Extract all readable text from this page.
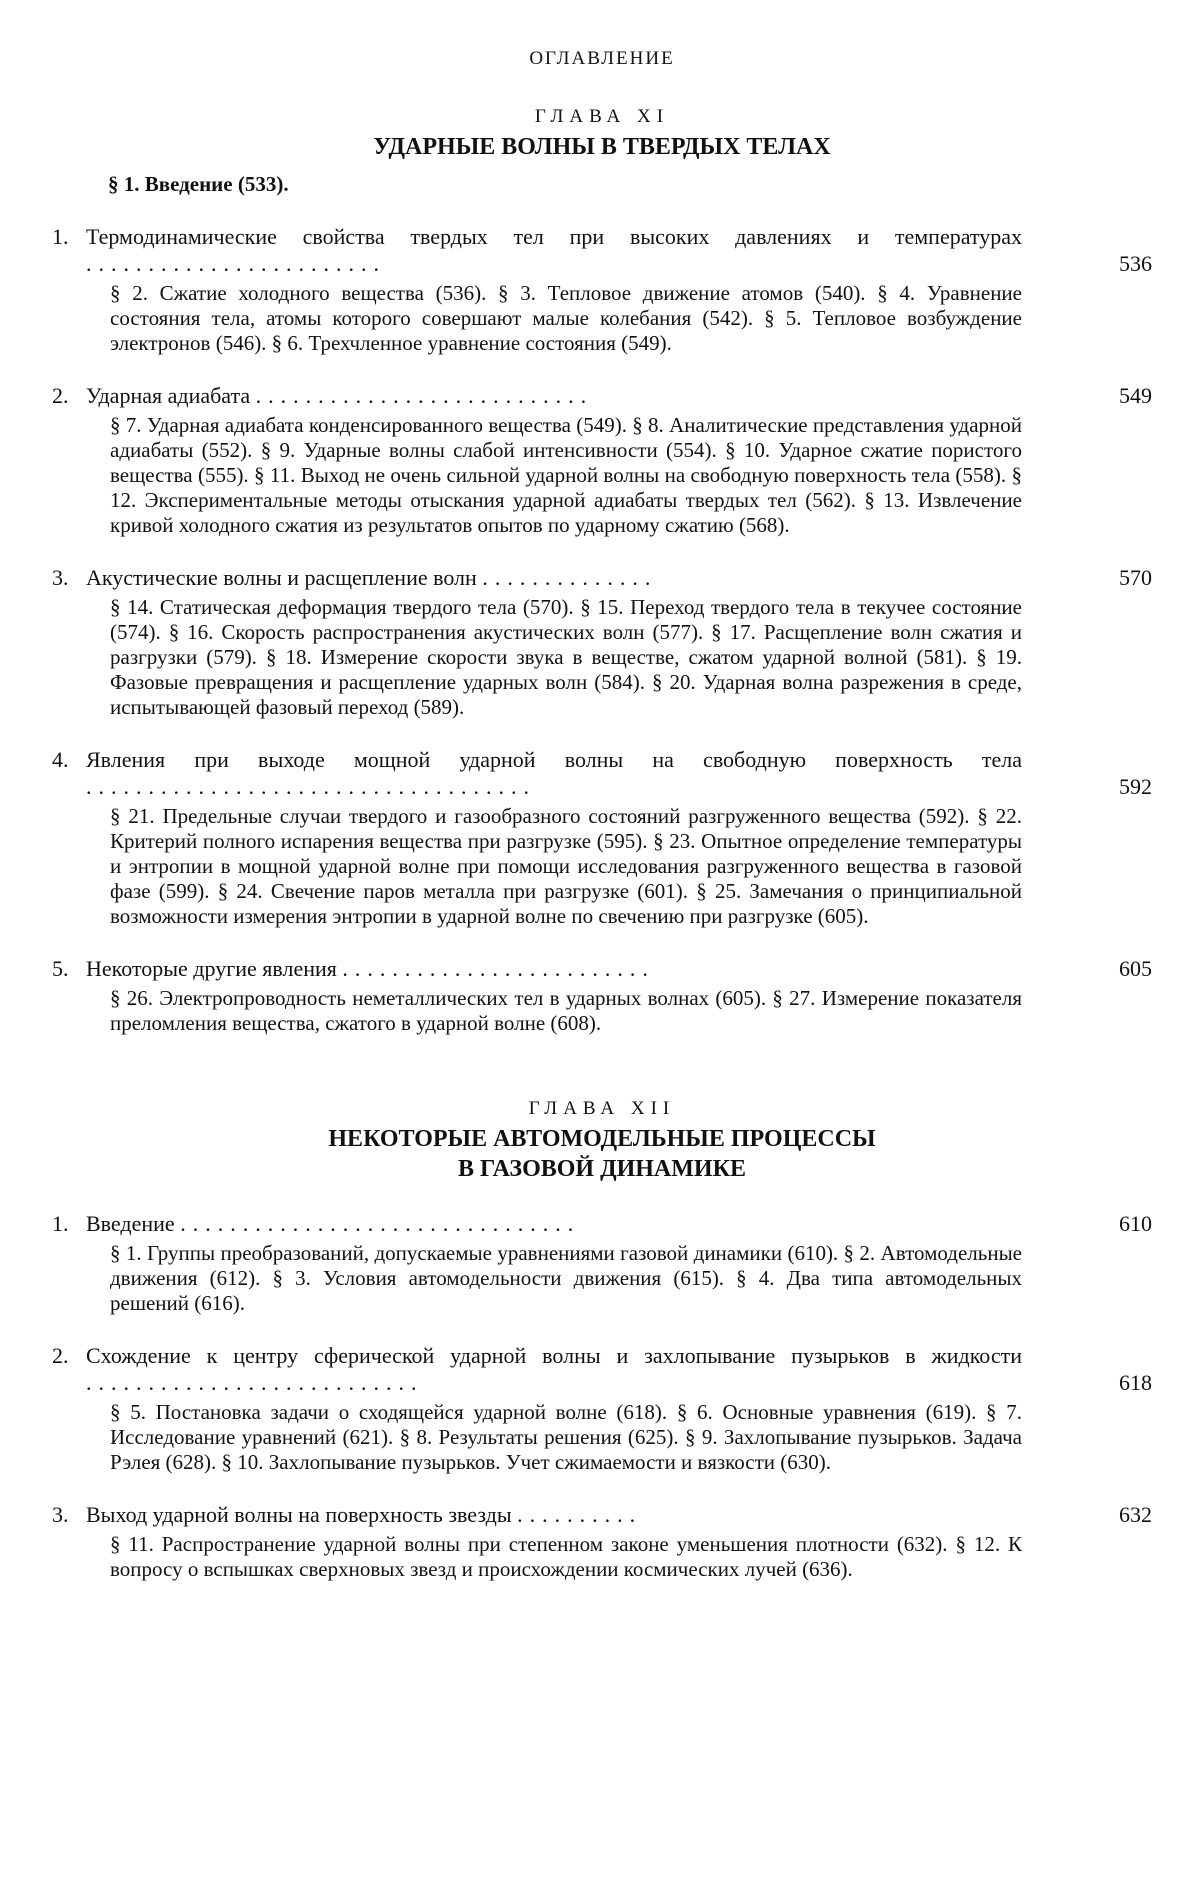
ОГЛАВЛЕНИЕ
ГЛАВА XI
УДАРНЫЕ ВОЛНЫ В ТВЕРДЫХ ТЕЛАХ
§ 1. Введение (533).
1. Термодинамические свойства твердых тел при высоких давлениях и температурах ........................	536
§ 2. Сжатие холодного вещества (536). § 3. Тепловое движение атомов (540). § 4. Уравнение состояния тела, атомы которого совершают малые колебания (542). § 5. Тепловое возбуждение электронов (546). § 6. Трехчленное уравнение состояния (549).
2. Ударная адиабата ...........................	549
§ 7. Ударная адиабата конденсированного вещества (549). § 8. Аналитические представления ударной адиабаты (552). § 9. Ударные волны слабой интенсивности (554). § 10. Ударное сжатие пористого вещества (555). § 11. Выход не очень сильной ударной волны на свободную поверхность тела (558). § 12. Экспериментальные методы отыскания ударной адиабаты твердых тел (562). § 13. Извлечение кривой холодного сжатия из результатов опытов по ударному сжатию (568).
3. Акустические волны и расщепление волн ..............	570
§ 14. Статическая деформация твердого тела (570). § 15. Переход твердого тела в текучее состояние (574). § 16. Скорость распространения акустических волн (577). § 17. Расщепление волн сжатия и разгрузки (579). § 18. Измерение скорости звука в веществе, сжатом ударной волной (581). § 19. Фазовые превращения и расщепление ударных волн (584). § 20. Ударная волна разрежения в среде, испытывающей фазовый переход (589).
4. Явления при выходе мощной ударной волны на свободную поверхность тела ....................................	592
§ 21. Предельные случаи твердого и газообразного состояний разгруженного вещества (592). § 22. Критерий полного испарения вещества при разгрузке (595). § 23. Опытное определение температуры и энтропии в мощной ударной волне при помощи исследования разгруженного вещества в газовой фазе (599). § 24. Свечение паров металла при разгрузке (601). § 25. Замечания о принципиальной возможности измерения энтропии в ударной волне по свечению при разгрузке (605).
5. Некоторые другие явления .........................	605
§ 26. Электропроводность неметаллических тел в ударных волнах (605). § 27. Измерение показателя преломления вещества, сжатого в ударной волне (608).
ГЛАВА XII
НЕКОТОРЫЕ АВТОМОДЕЛЬНЫЕ ПРОЦЕССЫ
В ГАЗОВОЙ ДИНАМИКЕ
1. Введение ................................	610
§ 1. Группы преобразований, допускаемые уравнениями газовой динамики (610). § 2. Автомодельные движения (612). § 3. Условия автомодельности движения (615). § 4. Два типа автомодельных решений (616).
2. Схождение к центру сферической ударной волны и захлопывание пузырьков в жидкости ...........................	618
§ 5. Постановка задачи о сходящейся ударной волне (618). § 6. Основные уравнения (619). § 7. Исследование уравнений (621). § 8. Результаты решения (625). § 9. Захлопывание пузырьков. Задача Рэлея (628). § 10. Захлопывание пузырьков. Учет сжимаемости и вязкости (630).
3. Выход ударной волны на поверхность звезды ..........	632
§ 11. Распространение ударной волны при степенном законе уменьшения плотности (632). § 12. К вопросу о вспышках сверхновых звезд и происхождении космических лучей (636).
